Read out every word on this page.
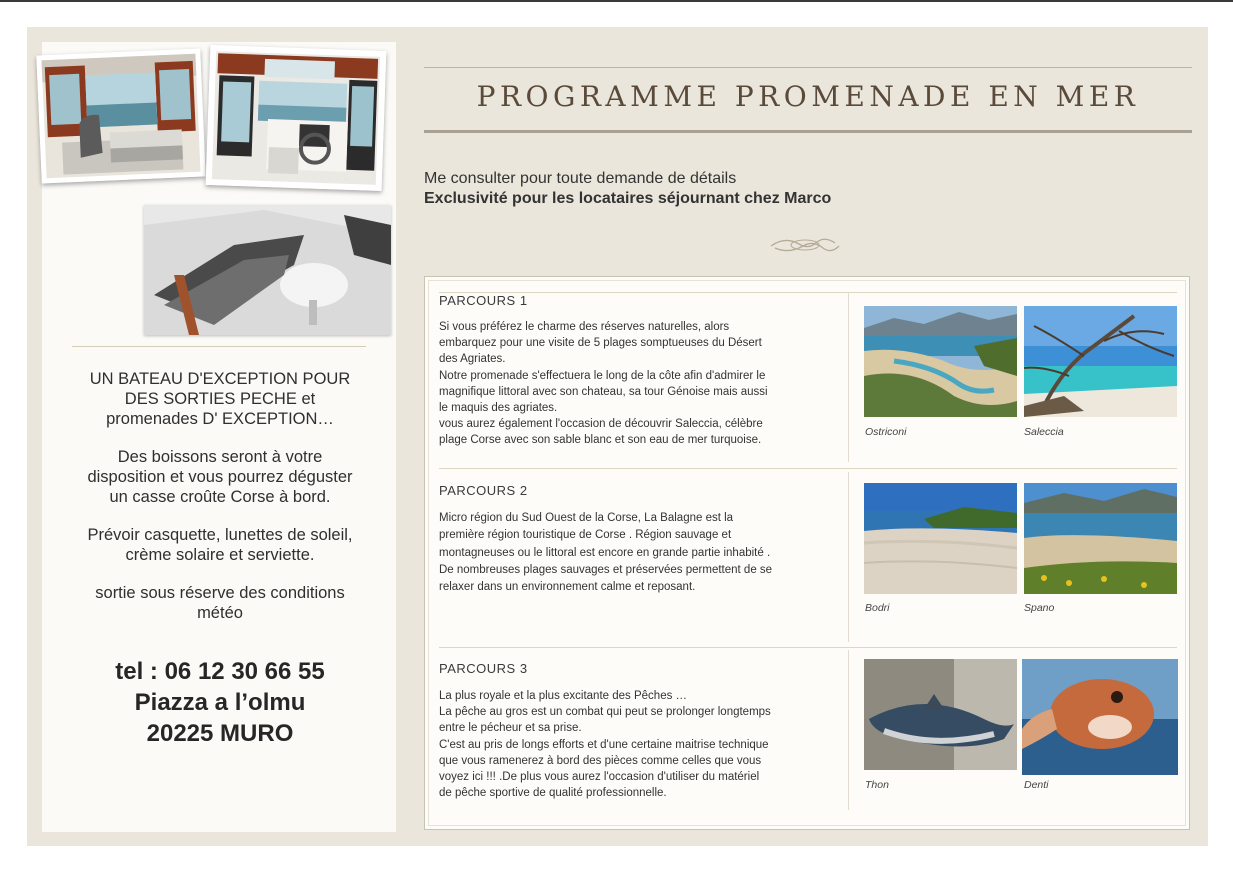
UN BATEAU D'EXCEPTION POUR
DES SORTIES PECHE et
promenades D' EXCEPTION…

Des boissons seront à votre
disposition et vous pourrez déguster
un casse croûte Corse à bord.

Prévoir casquette, lunettes de soleil,
crème solaire et serviette.

sortie sous réserve des conditions
météo

tel : 06 12 30 66 55
Piazza a l’olmu
20225 MURO
PROGRAMME PROMENADE EN MER
Me consulter pour toute demande de détails
Exclusivité pour les locataires séjournant chez Marco
PARCOURS 1
Si vous préférez le charme des réserves naturelles, alors
embarquez pour une visite de 5 plages somptueuses du Désert
des Agriates.
Notre promenade s'effectuera le long de la côte afin d'admirer le
magnifique littoral avec son chateau, sa tour Génoise mais aussi
le maquis des agriates.
vous aurez également l'occasion de découvrir Saleccia, célèbre
plage Corse avec son sable blanc et son eau de mer turquoise.
Ostriconi	Saleccia
PARCOURS 2
Micro région du Sud Ouest de la Corse, La Balagne est la
première région touristique de Corse . Région sauvage et
montagneuses ou le littoral est encore en grande partie inhabité .
De nombreuses plages sauvages et préservées permettent de se
relaxer dans un environnement calme et reposant.
Bodri	Spano
PARCOURS 3
La plus royale et la plus excitante des Pêches …
La pêche au gros est un combat qui peut se prolonger longtemps
entre le pécheur et sa prise.
C'est au pris de longs efforts et d'une certaine maitrise technique
que vous ramenerez à bord des pièces comme celles que vous
voyez ici !!! .De plus vous aurez l'occasion d'utiliser du matériel
de pêche sportive de qualité professionnelle.
Thon	Denti
